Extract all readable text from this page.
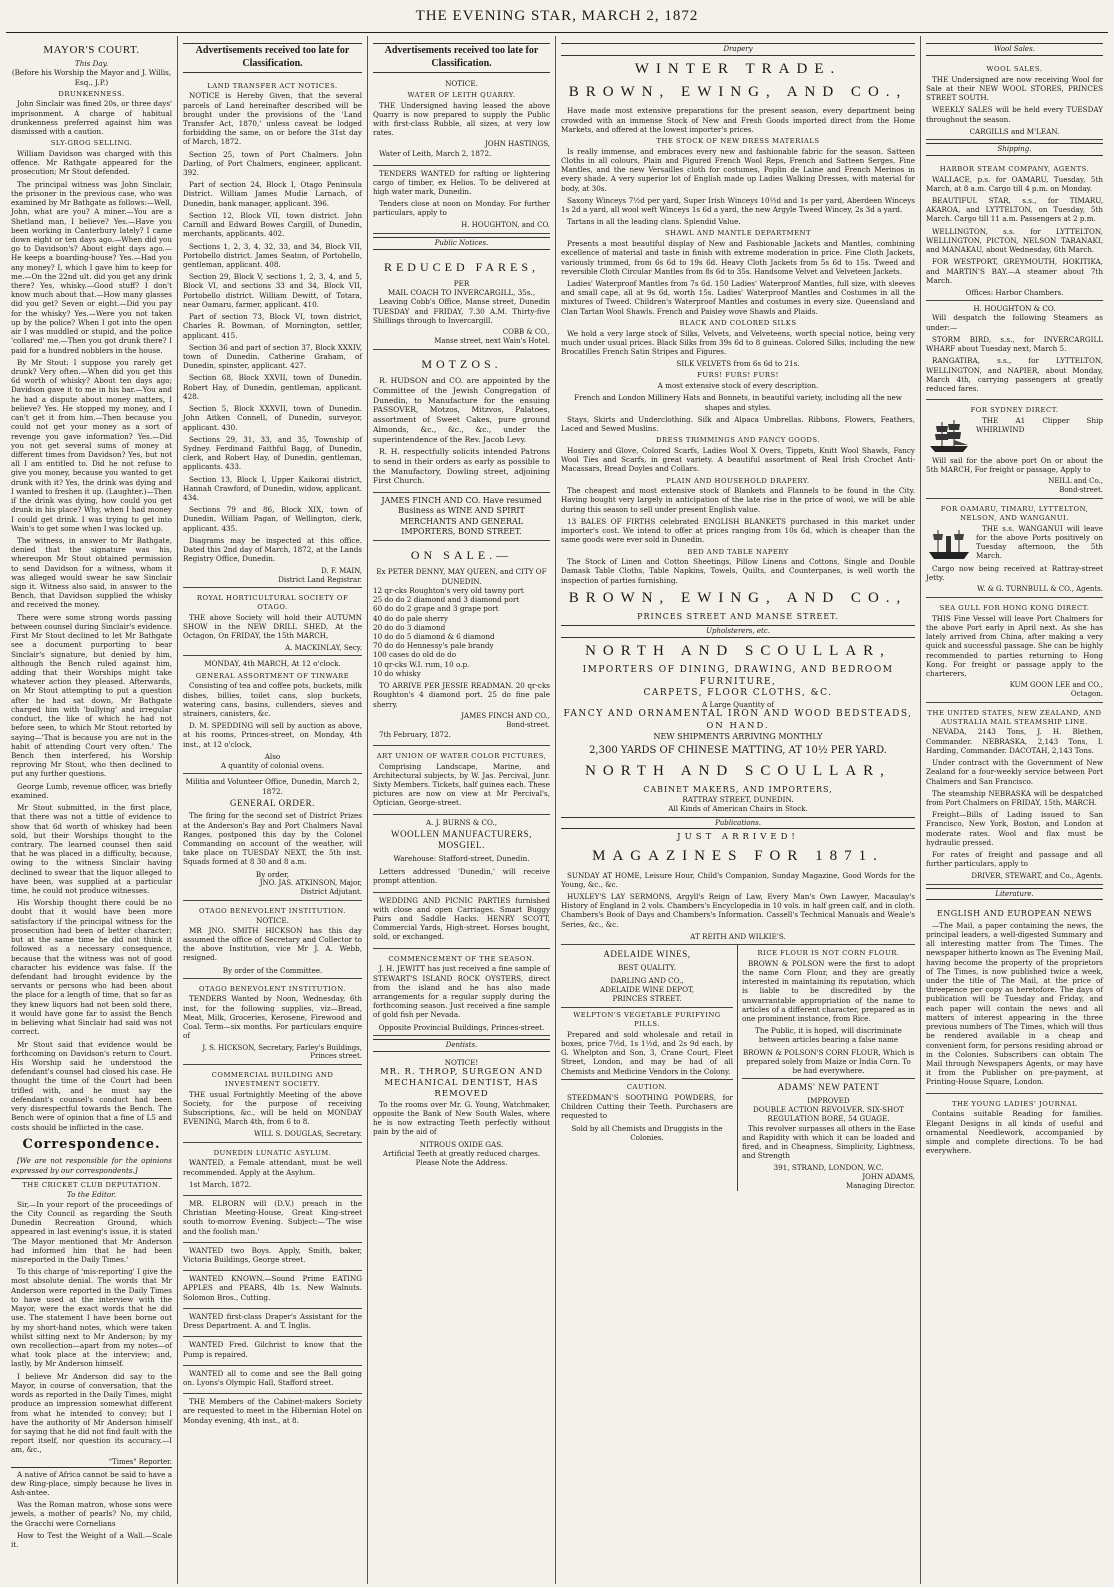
THE EVENING STAR, MARCH 2, 1872
MAYOR'S COURT.
This Day.
(Before his Worship the Mayor and J. Willis, Esq., J.P.)
DRUNKENNESS.
John Sinclair was fined 20s, or three days' imprisonment. A charge of habitual drunkenness preferred against him was dismissed with a caution.
SLY-GROG SELLING.
William Davidson was charged with this offence. Mr Rathgate appeared for the prosecution; Mr Stout defended.
The principal witness was John Sinclair, the prisoner in the previous case, who was examined by Mr Bathgate as follows:—Well, John, what are you? A miner.—You are a Shetland man, I believe? Yes.—Have you been working in Canterbury lately? I came down eight or ten days ago.—When did you go to Davidson's? About eight days ago.—He keeps a boarding-house? Yes.—Had you any money? I, which I gave him to keep for me.—On the 22nd ult. did you get any drink there? Yes, whisky.—Good stuff? I don't know much about that.—How many glasses did you get? Seven or eight.—Did you pay for the whisky? Yes.—Were you not taken up by the police? When I got into the open air I was muddled or stupid, and the police 'collared' me.—Then you got drunk there? I paid for a hundred nobblers in the house.
By Mr Stout: I suppose you rarely get drunk? Very often.—When did you get this 6d worth of whisky? About ten days ago; Davidson gave it to me in his bar.—You and he had a dispute about money matters, I believe? Yes. He stopped my money, and I can't get it from him.—Then because you could not get your money as a sort of revenge you gave information? Yes.—Did you not get several sums of money at different times from Davidson? Yes, but not all I am entitled to. Did he not refuse to give you money, because you wanted to get drunk with it? Yes, the drink was dying and I wanted to freshen it up. (Laughter.)—Then if the drink was dying, how could you get drunk in his place? Why, when I had money I could get drink. I was trying to get into Wain's to get some when I was locked up.
The witness, in answer to Mr Bathgate, denied that the signature was his, whereupon Mr Stout obtained permission to send Davidson for a witness, whom it was alleged would swear he saw Sinclair sign it. Witness also said, in answer to the Bench, that Davidson supplied the whisky and received the money.
There were some strong words passing between counsel during Sinclair's evidence. First Mr Stout declined to let Mr Bathgate see a document purporting to bear Sinclair's signature, but denied by him, although the Bench ruled against him, adding that their Worships might take whatever action they pleased. Afterwards, on Mr Stout attempting to put a question after he had sat down, Mr Bathgate charged him with 'bullying' and irregular conduct, the like of which he had not before seen, to which Mr Stout retorted by saying—'That is because you are not in the habit of attending Court very often.' The Bench then interfered, his Worship reproving Mr Stout, who then declined to put any further questions.
George Lumb, revenue officer, was briefly examined.
Mr Stout submitted, in the first place, that there was not a tittle of evidence to show that 6d worth of whiskey had been sold, but their Worships thought to the contrary. The learned counsel then said that he was placed in a difficulty, because, owing to the witness Sinclair having declined to swear that the liquor alleged to have been, was supplied at a particular time, he could not produce witnesses.
His Worship thought there could be no doubt that it would have been more satisfactory if the principal witness for the prosecution had been of better character; but at the same time he did not think it followed as a necessary consequence, because that the witness was not of good character his evidence was false. If the defendant had brought evidence by the servants or persons who had been about the place for a length of time, that so far as they knew liquors had not been sold there, it would have gone far to assist the Bench in believing what Sinclair had said was not correct.
Mr Stout said that evidence would be forthcoming on Davidson's return to Court. His Worship said he understood the defendant's counsel had closed his case. He thought the time of the Court had been trifled with, and he must say the defendant's counsel's conduct had been very disrespectful towards the Bench. The Bench were of opinion that a fine of L5 and costs should be inflicted in the case.
Correspondence.
[We are not responsible for the opinions expressed by our correspondents.]
THE CRICKET CLUB DEPUTATION.
To the Editor.
Sir,—In your report of the proceedings of the City Council as regarding the South Dunedin Recreation Ground, which appeared in last evening's issue, it is stated 'The Mayor mentioned that Mr Anderson had informed him that he had been misreported in the Daily Times.'
To this charge of 'mis-reporting' I give the most absolute denial. The words that Mr Anderson were reported in the Daily Times to have used at the interview with the Mayor, were the exact words that he did use. The statement I have been borne out by my short-hand notes, which were taken whilst sitting next to Mr Anderson; by my own recollection—apart from my notes—of what took place at the interview; and, lastly, by Mr Anderson himself.
I believe Mr Anderson did say to the Mayor, in course of conversation, that the words as reported in the Daily Times, might produce an impression somewhat different from what he intended to convey; but I have the authority of Mr Anderson himself for saying that he did not find fault with the report itself, nor question its accuracy.—I am, &c.,
"Times" Reporter.
A native of Africa cannot be said to have a dew Ring-place, simply because he lives in Ash-antee.
Was the Roman matron, whose sons were jewels, a mother of pearls? No, my child, the Gracchi were Cornelians
How to Test the Weight of a Wall.—Scale it.
Advertisements received too late for Classification.
LAND TRANSFER ACT NOTICES.
NOTICE is Hereby Given, that the several parcels of Land hereinafter described will be brought under the provisions of the 'Land Transfer Act, 1870,' unless caveat be lodged forbidding the same, on or before the 31st day of March, 1872.
Section 25, town of Port Chalmers. John Darling, of Port Chalmers, engineer, applicant. 392.
Part of section 24, Block I, Otago Peninsula District. William James Mudie Larnach, of Dunedin, bank manager, applicant. 396.
Section 12, Block VII, town district. John Carnill and Edward Bowes Cargill, of Dunedin, merchants, applicants. 402.
Sections 1, 2, 3, 4, 32, 33, and 34, Block VII, Portobello district. James Seaton, of Portobello, gentleman, applicant. 408.
Section 29, Block V, sections 1, 2, 3, 4, and 5, Block VI, and sections 33 and 34, Block VII, Portobello district. William Dewitt, of Totara, near Oamaru, farmer, applicant. 410.
Part of section 73, Block VI, town district, Charles R. Bowman, of Mornington, settler, applicant. 415.
Section 36 and part of section 37, Block XXXIV, town of Dunedin. Catherine Graham, of Dunedin, spinster, applicant. 427.
Section 68, Block XXVII, town of Dunedin. Robert Hay, of Dunedin, gentleman, applicant. 428.
Section 5, Block XXXVII, town of Dunedin. John Aitken Connell, of Dunedin, surveyor, applicant. 430.
Sections 29, 31, 33, and 35, Township of Sydney. Ferdinand Faithful Bagg, of Dunedin, clerk, and Robert Hay, of Dunedin, gentleman, applicants. 433.
Section 13, Block I, Upper Kaikorai district, Hannah Crawford, of Dunedin, widow, applicant. 434.
Sections 79 and 86, Block XIX, town of Dunedin, William Pagan, of Wellington, clerk, applicant. 435.
Diagrams may be inspected at this office. Dated this 2nd day of March, 1872, at the Lands Registry Office, Dunedin.
D. F. MAIN,
District Land Registrar.
ROYAL HORTICULTURAL SOCIETY OF OTAGO.
THE above Society will hold their AUTUMN SHOW in the NEW DRILL SHED, At the Octagon, On FRIDAY, the 15th MARCH,
A. MACKINLAY, Secy.
MONDAY, 4th MARCH, At 12 o'clock.
GENERAL ASSORTMENT OF TINWARE
Consisting of tea and coffee pots, buckets, milk dishes, billies, toilet cans, slop buckets, watering cans, basins, cullenders, sieves and strainers, canisters, &c.
D. M. SPEDDING will sell by auction as above, at his rooms, Princes-street, on Monday, 4th inst., at 12 o'clock,
Also
A quantity of colonial ovens.
Militia and Volunteer Office, Dunedin, March 2, 1872.
GENERAL ORDER.
The firing for the second set of District Prizes at the Anderson's Bay and Port Chalmers Naval Ranges, postponed this day by the Colonel Commanding on account of the weather, will take place on TUESDAY NEXT, the 5th inst. Squads formed at 8 30 and 8 a.m.
By order,
JNO. JAS. ATKINSON, Major,
District Adjutant.
OTAGO BENEVOLENT INSTITUTION.
NOTICE.
MR JNO. SMITH HICKSON has this day assumed the office of Secretary and Collector to the above Institution, vice Mr J. A. Webb, resigned.
By order of the Committee.
OTAGO BENEVOLENT INSTITUTION.
TENDERS Wanted by Noon, Wednesday, 6th inst, for the following supplies, viz—Bread, Meat, Milk, Groceries, Kerosene, Firewood and Coal. Term—six months. For particulars enquire of
J. S. HICKSON, Secretary, Farley's Buildings, Princes street.
COMMERCIAL BUILDING AND INVESTMENT SOCIETY.
THE usual Fortnightly Meeting of the above Society, for the purpose of receiving Subscriptions, &c., will be held on MONDAY EVENING, March 4th, from 6 to 8.
WILL S. DOUGLAS, Secretary.
DUNEDIN LUNATIC ASYLUM.
WANTED, a Female attendant, must be well recommended. Apply at the Asylum.
1st March, 1872.
MR. ELBORN will (D.V.) preach in the Christian Meeting-House, Great King-street south to-morrow Evening. Subject:—'The wise and the foolish man.'
WANTED two Boys. Apply, Smith, baker, Victoria Buildings, George street.
WANTED KNOWN.—Sound Prime EATING APPLES and PEARS, 4lb 1s. New Walnuts. Solomon Bros., Cutting.
WANTED first-class Draper's Assistant for the Dress Department. A. and T. Inglis.
WANTED Fred. Gilchrist to know that the Pump is repaired.
WANTED all to come and see the Ball going on. Lyons's Olympic Hall, Stafford street.
THE Members of the Cabinet-makers Society are requested to meet in the Hibernian Hotel on Monday evening, 4th inst., at 8.
Advertisements received too late for Classification.
NOTICE.
WATER OF LEITH QUARRY.
THE Undersigned having leased the above Quarry is now prepared to supply the Public with first-class Rubble, all sizes, at very low rates.
JOHN HASTINGS,
Water of Leith, March 2, 1872.
TENDERS WANTED for rafting or lightering cargo of timber, ex Helios. To be delivered at high water mark, Dunedin.
Tenders close at noon on Monday. For further particulars, apply to
H. HOUGHTON, and CO.
Public Notices.
REDUCED FARES,
PER
MAIL COACH TO INVERCARGILL, 35s.,
Leaving Cobb's Office, Manse street, Dunedin TUESDAY and FRIDAY, 7.30 A.M. Thirty-five Shillings through to Invercargill.
COBB & CO.,
Manse street, next Wain's Hotel.
MOTZOS.
R. HUDSON and CO. are appointed by the Committee of the Jewish Congregation of Dunedin, to Manufacture for the ensuing PASSOVER, Motzos, Mitzvos, Palatoes, assortment of Sweet Cakes, pure ground Almonds, &c., &c., &c., under the superintendence of the Rev. Jacob Levy.
R. H. respectfully solicits intended Patrons to send in their orders as early as possible to the Manufactory, Dowling street, adjoining First Church.
JAMES FINCH AND CO. Have resumed Business as WINE AND SPIRIT MERCHANTS AND GENERAL IMPORTERS, BOND STREET.
ON SALE.—
Ex PETER DENNY, MAY QUEEN, and CITY OF DUNEDIN.
12 qr-cks Roughton's very old tawny port
25 do do 2 diamond and 3 diamond port
60 do do 2 grape and 3 grape port
40 do do pale sherry
20 do do 3 diamond
10 do do 5 diamond & 6 diamond
70 do do Hennessy's pale brandy
100 cases do old do do
10 qr-cks W.I. rum, 10 o.p.
10 do whisky
TO ARRIVE PER JESSIE READMAN. 20 qr-cks Roughton's 4 diamond port. 25 do fine pale sherry.
JAMES FINCH AND CO.,
Bond-street.
7th February, 1872.
ART UNION OF WATER COLOR PICTURES,
Comprising Landscape, Marine, and Architectural subjects, by W. Jas. Percival, Junr. Sixty Members. Tickets, half guinea each. These pictures are now on view at Mr Percival's, Optician, George-street.
A. J. BURNS & CO.,
WOOLLEN MANUFACTURERS, MOSGIEL.
Warehouse: Stafford-street, Dunedin.
Letters addressed 'Dunedin,' will receive prompt attention.
WEDDING AND PICNIC PARTIES furnished with close and open Carriages. Smart Buggy Pairs and Saddle Hacks. HENRY SCOTT, Commercial Yards, High-street. Horses bought, sold, or exchanged.
COMMENCEMENT OF THE SEASON.
J. H. JEWITT has just received a fine sample of STEWART'S ISLAND ROCK OYSTERS, direct from the island and he has also made arrangements for a regular supply during the forthcoming season. Just received a fine sample of gold fish per Nevada.
Opposite Provincial Buildings, Princes-street.
Dentists.
NOTICE!
MR. R. THROP, SURGEON AND MECHANICAL DENTIST, HAS REMOVED
To the rooms over Mr. G. Young, Watchmaker, opposite the Bank of New South Wales, where he is now extracting Teeth perfectly without pain by the aid of
NITROUS OXIDE GAS.
Artificial Teeth at greatly reduced charges. Please Note the Address.
Drapery
WINTER TRADE.
BROWN, EWING, AND CO.,
Have made most extensive preparations for the present season, every department being crowded with an immense Stock of New and Fresh Goods imported direct from the Home Markets, and offered at the lowest importer's prices.
THE STOCK OF NEW DRESS MATERIALS
Is really immense, and embraces every new and fashionable fabric for the season. Satteen Cloths in all colours, Plain and Figured French Wool Reps, French and Satteen Serges, Fine Mantles, and the new Versailles cloth for costumes, Poplin de Laine and French Merinos in every shade. A very superior lot of English made up Ladies Walking Dresses, with material for body, at 30s.
Saxony Winceys 7½d per yard, Super Irish Winceys 10½d and 1s per yard, Aberdeen Winceys 1s 2d a yard, all wool weft Winceys 1s 6d a yard, the new Argyle Tweed Wincey, 2s 3d a yard.
Tartans in all the leading clans. Splendid Value.
SHAWL AND MANTLE DEPARTMENT
Presents a most beautiful display of New and Fashionable Jackets and Mantles, combining excellence of material and taste in finish with extreme moderation in price. Fine Cloth Jackets, variously trimmed, from 6s 6d to 19s 6d. Heavy Cloth Jackets from 5s 6d to 15s. Tweed and reversible Cloth Circular Mantles from 8s 6d to 35s. Handsome Velvet and Velveteen Jackets.
Ladies' Waterproof Mantles from 7s 6d. 150 Ladies' Waterproof Mantles, full size, with sleeves and small cape, all at 9s 6d, worth 15s. Ladies' Waterproof Mantles and Costumes in all the mixtures of Tweed. Children's Waterproof Mantles and costumes in every size. Queensland and Clan Tartan Wool Shawls. French and Paisley wove Shawls and Plaids.
BLACK AND COLORED SILKS
We hold a very large stock of Silks, Velvets, and Velveteens, worth special notice, being very much under usual prices. Black Silks from 39s 6d to 8 guineas. Colored Silks, including the new Brocatilles French Satin Stripes and Figures.
SILK VELVETS from 6s 6d to 21s.
FURS! FURS! FURS!
A most extensive stock of every description.
French and London Millinery Hats and Bonnets, in beautiful variety, including all the new shapes and styles.
Stays, Skirts and Underclothing. Silk and Alpaca Umbrellas. Ribbons, Flowers, Feathers, Laced and Sewed Muslins.
DRESS TRIMMINGS AND FANCY GOODS.
Hosiery and Glove, Colored Scarfs, Ladies Wool X Overs, Tippets, Knitt Wool Shawls, Fancy Wool Ties and Scarfs, in great variety. A beautiful assortment of Real Irish Crochet Anti-Macassars, Bread Doyles and Collars.
PLAIN AND HOUSEHOLD DRAPERY.
The cheapest and most extensive stock of Blankets and Flannels to be found in the City. Having bought very largely in anticipation of the late rise in the price of wool, we will be able during this season to sell under present English value.
13 BALES OF FIRTHS celebrated ENGLISH BLANKETS purchased in this market under importer's cost. We intend to offer at prices ranging from 10s 6d, which is cheaper than the same goods were ever sold in Dunedin.
BED AND TABLE NAPERY
The Stock of Linen and Cotton Sheetings, Pillow Linens and Cottons, Single and Double Damask Table Cloths, Table Napkins, Towels, Quilts, and Counterpanes, is well worth the inspection of parties furnishing.
BROWN, EWING, AND CO.,
PRINCES STREET AND MANSE STREET.
Upholsterers, etc.
NORTH AND SCOULLAR,
IMPORTERS OF DINING, DRAWING, AND BEDROOM FURNITURE,
CARPETS, FLOOR CLOTHS, &C.
A Large Quantity of
FANCY AND ORNAMENTAL IRON AND WOOD BEDSTEADS,
ON HAND.
NEW SHIPMENTS ARRIVING MONTHLY
2,300 YARDS OF CHINESE MATTING, AT 10½ PER YARD.
NORTH AND SCOULLAR,
CABINET MAKERS, AND IMPORTERS,
RATTRAY STREET, DUNEDIN.
All Kinds of American Chairs in Stock.
Publications.
JUST ARRIVED!
MAGAZINES FOR 1871.
SUNDAY AT HOME, Leisure Hour, Child's Companion, Sunday Magazine, Good Words for the Young, &c., &c.
HUXLEY'S LAY SERMONS, Argyll's Reign of Law, Every Man's Own Lawyer, Macaulay's History of England in 2 vols. Chambers's Encyclopedia in 10 vols. in half green calf, and in cloth. Chambers's Book of Days and Chambers's Information. Cassell's Technical Manuals and Weale's Series, &c., &c.
AT REITH AND WILKIE'S.
ADELAIDE WINES,
BEST QUALITY.
DARLING AND CO.,
ADELAIDE WINE DEPOT,
PRINCES STREET.
WELPTON'S VEGETABLE PURIFYING PILLS.
Prepared and sold wholesale and retail in boxes, price 7½d, 1s 1½d, and 2s 9d each, by G. Whelpton and Son, 3, Crane Court, Fleet Street, London, and may be had of all Chemists and Medicine Vendors in the Colony.
CAUTION.
STEEDMAN'S SOOTHING POWDERS, for Children Cutting their Teeth. Purchasers are requested to
Sold by all Chemists and Druggists in the Colonies.
RICE FLOUR IS NOT CORN FLOUR.
BROWN & POLSON were the first to adopt the name Corn Flour, and they are greatly interested in maintaining its reputation, which is liable to be discredited by the unwarrantable appropriation of the name to articles of a different character, prepared as in one prominent instance, from Rice.
The Public, it is hoped, will discriminate between articles bearing a false name
BROWN & POLSON'S CORN FLOUR, Which is prepared solely from Maize or India Corn. To be had everywhere.
ADAMS' NEW PATENT
IMPROVED
DOUBLE ACTION REVOLVER. SIX-SHOT REGULATION BORE, 54 GUAGE.
This revolver surpasses all others in the Ease and Rapidity with which it can be loaded and fired, and in Cheapness, Simplicity, Lightness, and Strength
391, STRAND, LONDON, W.C.
JOHN ADAMS,
Managing Director.
Wool Sales.
WOOL SALES.
THE Undersigned are now receiving Wool for Sale at their NEW WOOL STORES, PRINCES STREET SOUTH.
WEEKLY SALES will be held every TUESDAY throughout the season.
CARGILLS and M'LEAN.
Shipping.
HARBOR STEAM COMPANY, AGENTS.
WALLACE, p.s. for OAMARU, Tuesday, 5th March, at 8 a.m. Cargo till 4 p.m. on Monday.
BEAUTIFUL STAR, s.s., for TIMARU, AKAROA, and LYTTELTON, on Tuesday, 5th March. Cargo till 11 a.m. Passengers at 2 p.m.
WELLINGTON, s.s. for LYTTELTON, WELLINGTON, PICTON, NELSON TARANAKI, and MANAKAU, about Wednesday, 6th March.
FOR WESTPORT, GREYMOUTH, HOKITIKA, and MARTIN'S BAY.—A steamer about 7th March.
Offices: Harbor Chambers.
H. HOUGHTON & CO.
Will despatch the following Steamers as under:—
STORM BIRD, s.s., for INVERCARGILL WHARF about Tuesday next, March 5.
RANGATIRA, s.s., for LYTTELTON, WELLINGTON, and NAPIER, about Monday, March 4th, carrying passengers at greatly reduced fares.
FOR SYDNEY DIRECT.
THE A1 Clipper Ship WHIRLWIND
Will sail for the above port On or about the 5th MARCH, For freight or passage, Apply to
NEILL and Co.,
Bond-street.
FOR OAMARU, TIMARU, LYTTELTON, NELSON, AND WANGANUI.
THE s.s. WANGANUI will leave for the above Ports positively on Tuesday afternoon, the 5th March.
Cargo now being received at Rattray-street Jetty.
W. & G. TURNBULL & CO., Agents.
SEA GULL FOR HONG KONG DIRECT.
THIS Fine Vessel will leave Port Chalmers for the above Port early in April next. As she has lately arrived from China, after making a very quick and successful passage. She can be highly recommended to parties returning to Hong Kong. For freight or passage apply to the charterers,
KUM GOON LEE and CO.,
Octagon.
THE UNITED STATES, NEW ZEALAND, AND AUSTRALIA MAIL STEAMSHIP LINE.
NEVADA, 2143 Tons, J. H. Blethen, Commander. NEBRASKA, 2,143 Tons, I. Harding, Commander. DACOTAH, 2,143 Tons.
Under contract with the Government of New Zealand for a four-weekly service between Port Chalmers and San Francisco.
The steamship NEBRASKA will be despatched from Port Chalmers on FRIDAY, 15th, MARCH.
Freight—Bills of Lading issued to San Francisco, New York, Boston, and London at moderate rates. Wool and flax must be hydraulic pressed.
For rates of freight and passage and all further particulars, apply to
DRIVER, STEWART, and Co., Agents.
Literature.
ENGLISH AND EUROPEAN NEWS
—The Mail, a paper containing the news, the principal leaders, a well-digested Summary and all interesting matter from The Times. The newspaper hitherto known as The Evening Mail, having become the property of the proprietors of The Times, is now published twice a week, under the title of The Mail, at the price of threepence per copy as heretofore. The days of publication will be Tuesday and Friday, and each paper will contain the news and all matters of interest appearing in the three previous numbers of The Times, which will thus be rendered available in a cheap and convenient form, for persons residing abroad or in the Colonies. Subscribers can obtain The Mail through Newspapers Agents, or may have it from the Publisher on pre-payment, at Printing-House Square, London.
THE YOUNG LADIES' JOURNAL
Contains suitable Reading for families. Elegant Designs in all kinds of useful and ornamental Needlework, accompanied by simple and complete directions. To be had everywhere.
